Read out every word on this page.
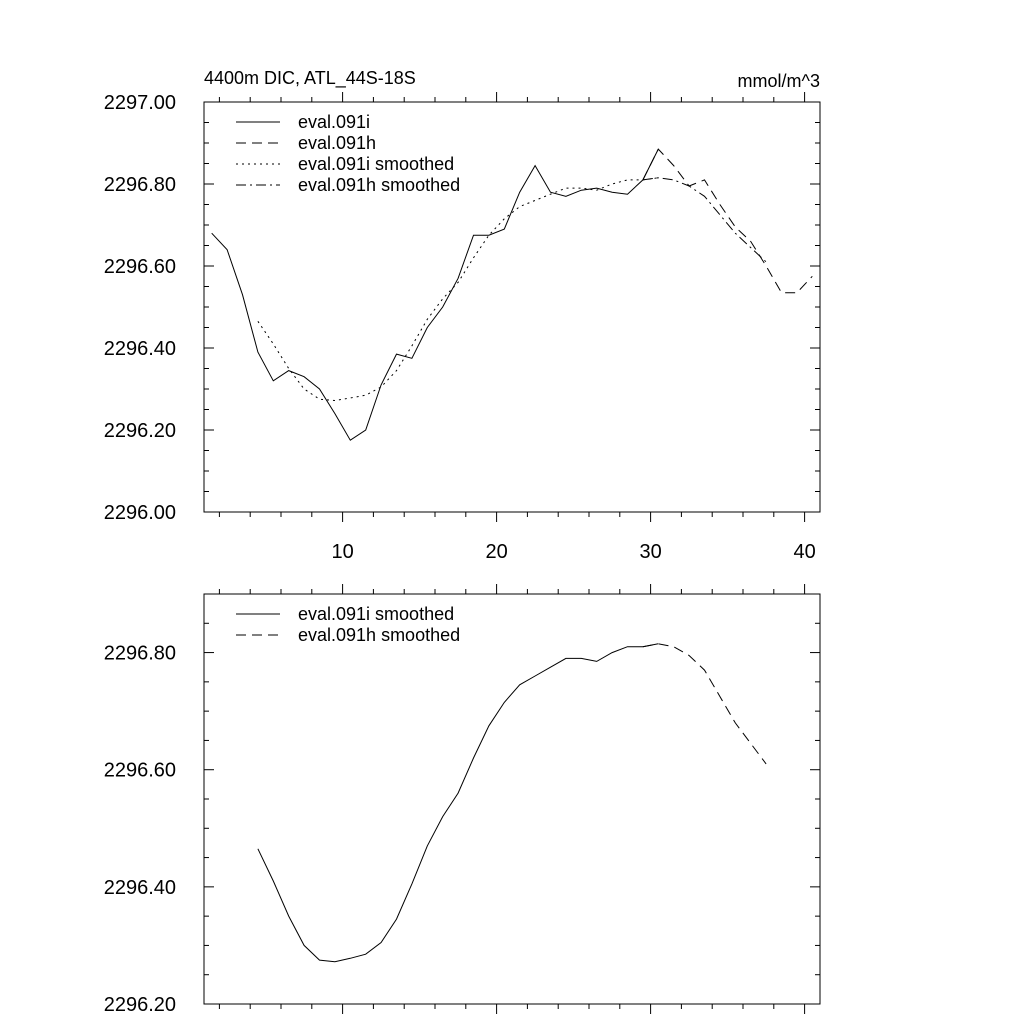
4400m DIC, ATL_44S-18S	mmol/m^3
10	20	30	40
2296.00
2296.20
2296.40
2296.60
2296.80
2297.00
eval.091i
eval.091h
eval.091i smoothed
eval.091h smoothed
2296.20
2296.40
2296.60
2296.80
eval.091i smoothed
eval.091h smoothed
